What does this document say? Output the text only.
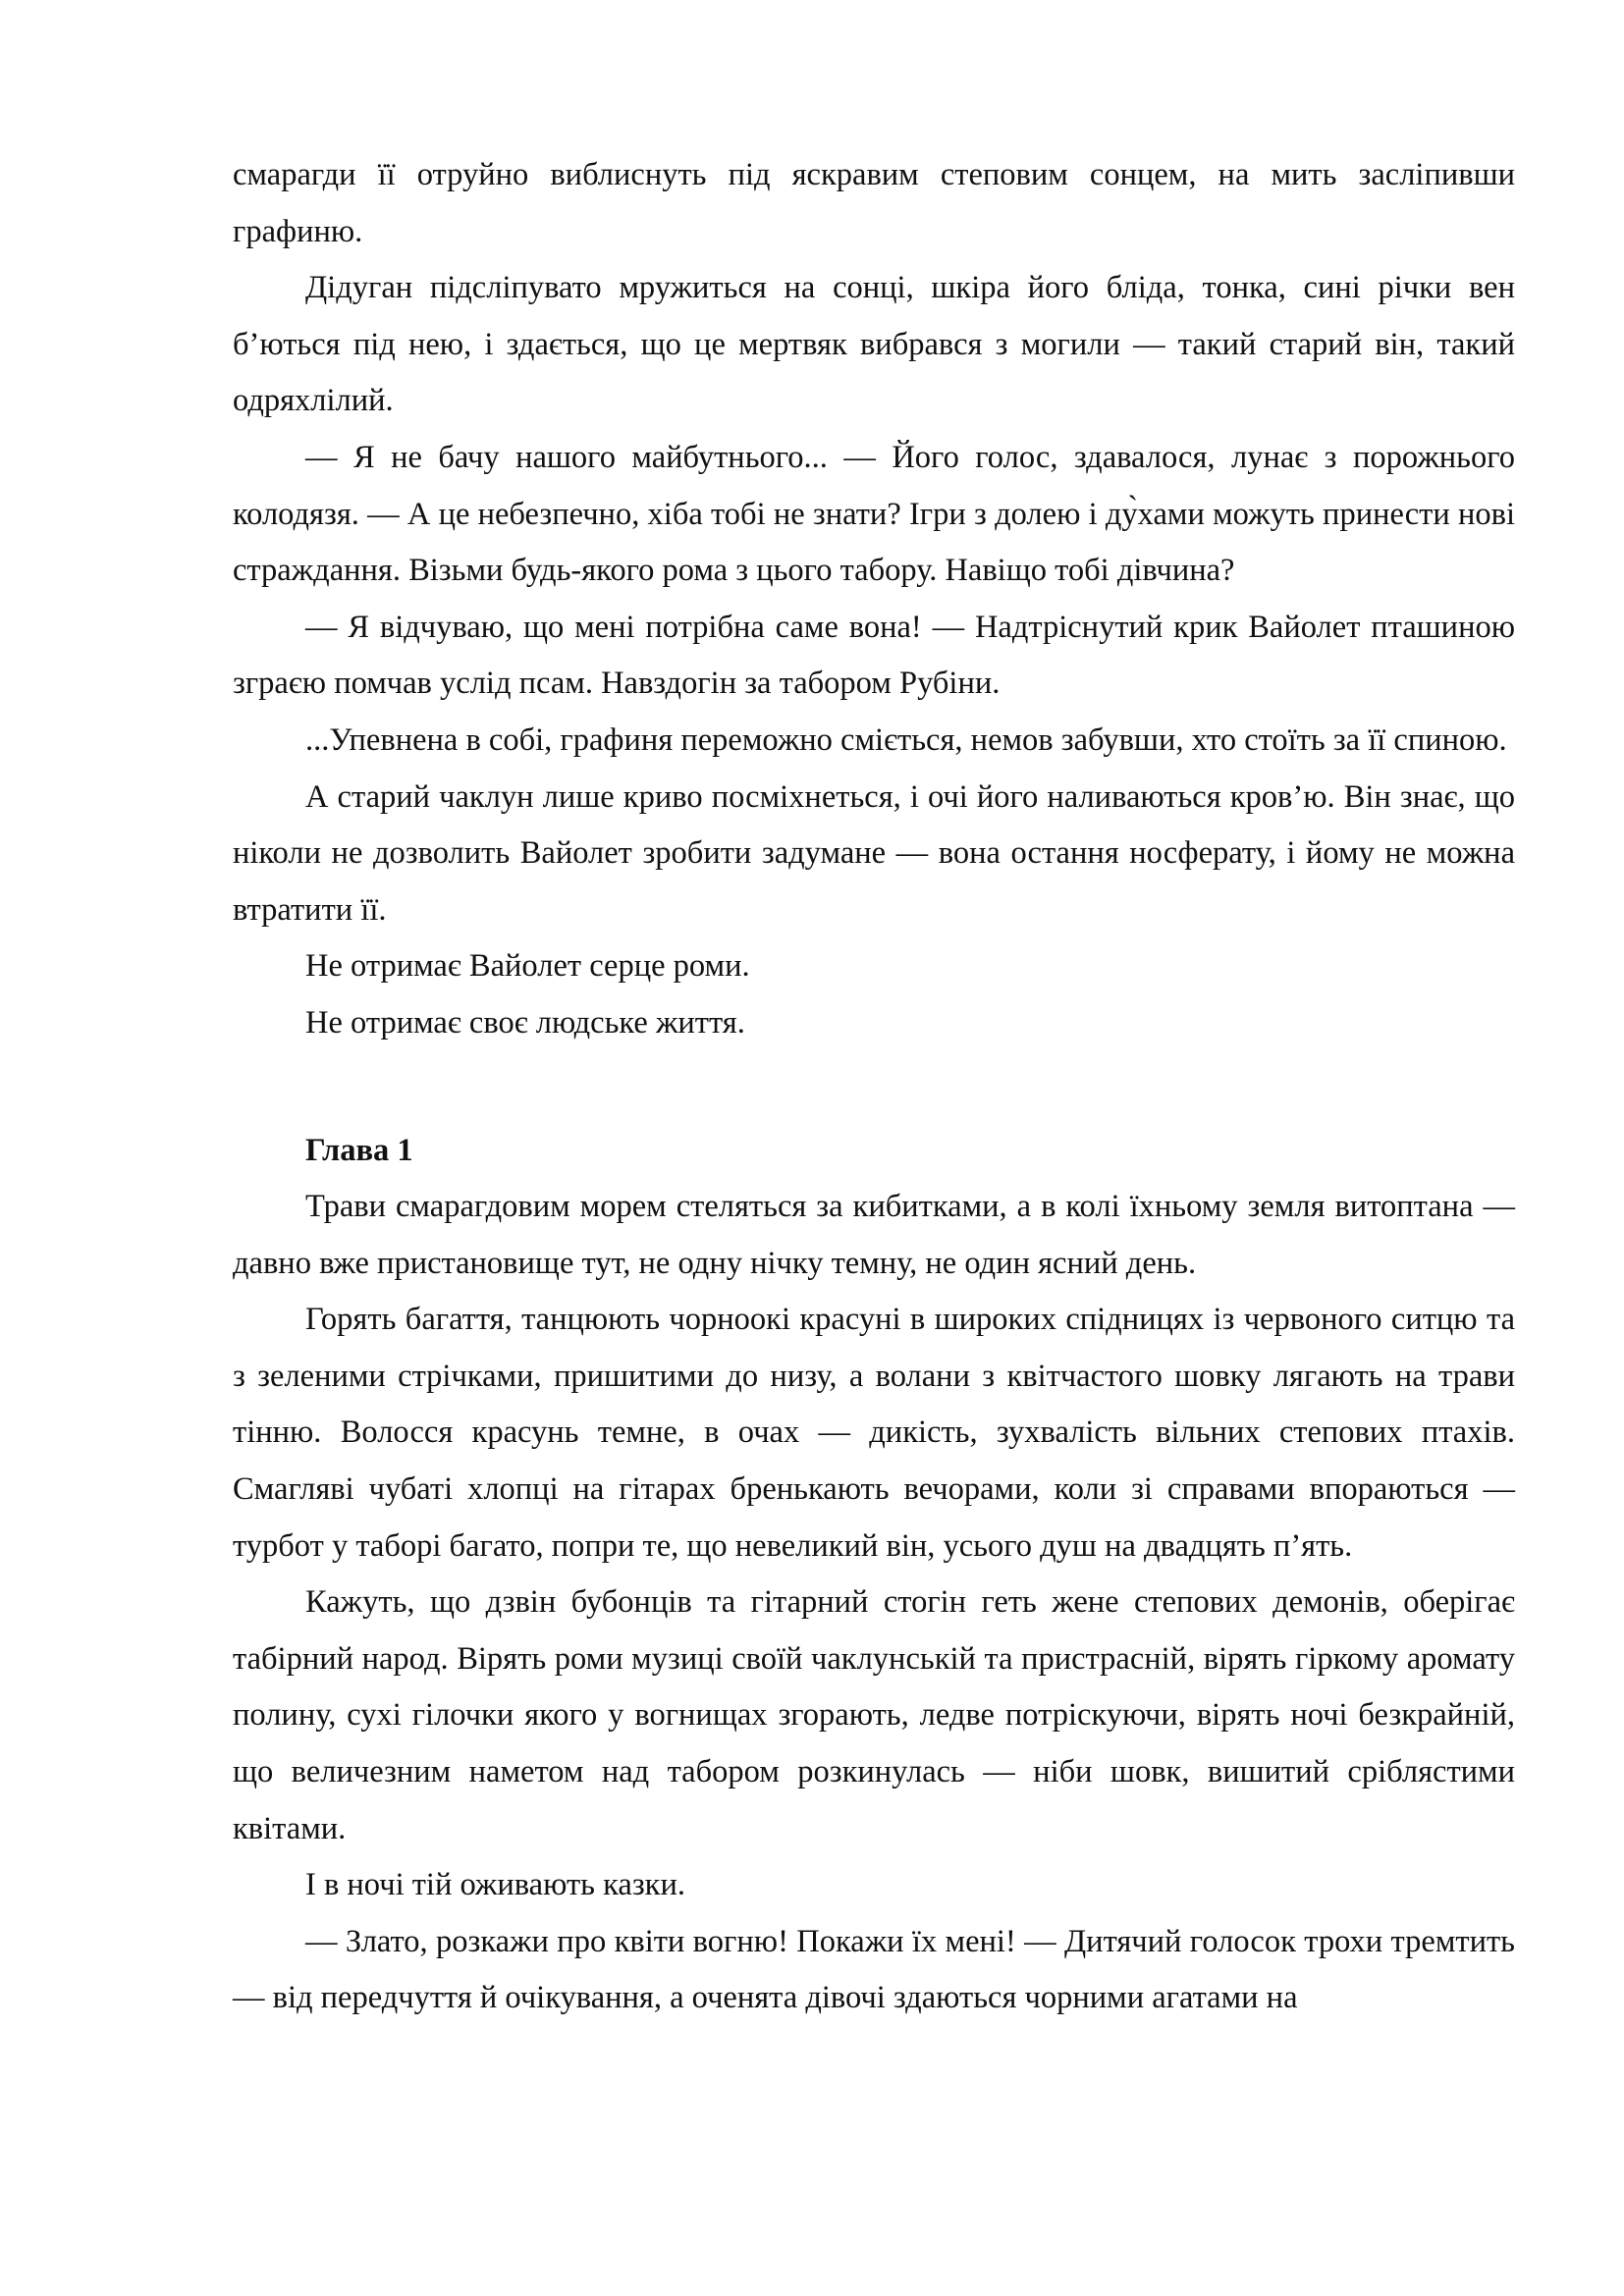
смарагди її отруйно виблиснуть під яскравим степовим сонцем, на мить засліпивши графиню.

Дідуган підсліпувато мружиться на сонці, шкіра його бліда, тонка, сині річки вен б’ються під нею, і здається, що це мертвяк вибрався з могили — такий старий він, такий одряхлілий.

— Я не бачу нашого майбутнього... — Його голос, здавалося, лунає з порожнього колодязя. — А це небезпечно, хіба тобі не знати? Ігри з долею і ду̀хами можуть принести нові страждання. Візьми будь-якого рома з цього табору. Навіщо тобі дівчина?

— Я відчуваю, що мені потрібна саме вона! — Надтріснутий крик Вайолет пташиною зграєю помчав услід псам. Навздогін за табором Рубіни.

...Упевнена в собі, графиня переможно сміється, немов забувши, хто стоїть за її спиною.

А старий чаклун лише криво посміхнеться, і очі його наливаються кров’ю. Він знає, що ніколи не дозволить Вайолет зробити задумане — вона остання носферату, і йому не можна втратити її.

Не отримає Вайолет серце роми.

Не отримає своє людське життя.

Глава 1

Трави смарагдовим морем стеляться за кибитками, а в колі їхньому земля витоптана — давно вже пристановище тут, не одну нічку темну, не один ясний день.

Горять багаття, танцюють чорноокі красуні в широких спідницях із червоного ситцю та з зеленими стрічками, пришитими до низу, а волани з квітчастого шовку лягають на трави тінню. Волосся красунь темне, в очах — дикість, зухвалість вільних степових птахів. Смагляві чубаті хлопці на гітарах бренькають вечорами, коли зі справами впораються — турбот у таборі багато, попри те, що невеликий він, усього душ на двадцять п’ять.

Кажуть, що дзвін бубонців та гітарний стогін геть жене степових демонів, оберігає табірний народ. Вірять роми музиці своїй чаклунській та пристрасній, вірять гіркому аромату полину, сухі гілочки якого у вогнищах згорають, ледве потріскуючи, вірять ночі безкрайній, що величезним наметом над табором розкинулась — ніби шовк, вишитий сріблястими квітами.

І в ночі тій оживають казки.

— Злато, розкажи про квіти вогню! Покажи їх мені! — Дитячий голосок трохи тремтить — від передчуття й очікування, а оченята дівочі здаються чорними агатами на
